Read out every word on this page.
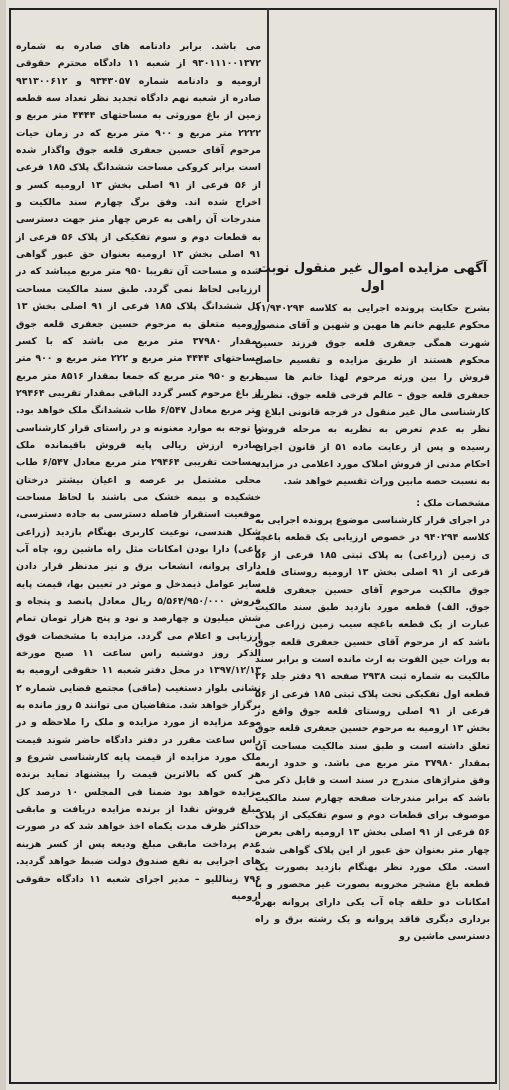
می باشد. برابر دادنامه های صادره به شماره ۹۳۰۱۱۱۰۰۱۳۷۲ از شعبه ۱۱ دادگاه محترم حقوقی ارومیه و دادنامه شماره ۹۳۴۳۰۵۷ و ۹۳۱۳۰۰۶۱۲ صادره از شعبه نهم دادگاه تجدید نظر تعداد سه قطعه زمین از باغ موروثی به مساحتهای ۴۴۴۴ متر مربع و ۲۲۲۲ متر مربع و ۹۰۰ متر مربع که در زمان حیات مرحوم آقای حسین جعفری قلعه جوق واگذار شده است برابر کروکی مساحت ششدانگ پلاک ۱۸۵ فرعی از ۵۶ فرعی از ۹۱ اصلی بخش ۱۳ ارومیه کسر و اخراج شده اند. وفق برگ چهارم سند مالکیت و مندرجات آن راهی به عرض چهار متر جهت دسترسی به قطعات دوم و سوم تفکیکی از پلاک ۵۶ فرعی از ۹۱ اصلی بخش ۱۳ ارومیه بعنوان حق عبور گواهی شده و مساحت آن تقریبا ۹۵۰ متر مربع میباشد که در ارزیابی لحاظ نمی گردد. طبق سند مالکیت مساحت کل ششدانگ پلاک ۱۸۵ فرعی از ۹۱ اصلی بخش ۱۳ ارومیه متعلق به مرحوم حسین جعفری قلعه جوق بمقدار ۳۷۹۸۰ متر مربع می باشد که با کسر مساحتهای ۴۴۴۴ متر مربع و ۲۲۲ متر مربع و ۹۰۰ متر مربع و ۹۵۰ متر مربع که جمعا بمقدار ۸۵۱۶ متر مربع از باغ مرحوم کسر گردد الباقی بمقدار تقریبی ۲۹۴۶۴ متر مربع معادل ۶/۵۴۷ طاب ششدانگ ملک خواهد بود. با توجه به موارد معنونه و در راستای قرار کارشناسی صادره ارزش ریالی پایه فروش باقیمانده ملک بمساحت تقریبی ۲۹۴۶۴ متر مربع معادل ۶/۵۴۷ طاب محلی مشتمل بر عرصه و اعیان بیشتر درختان خشکیده و بیمه خشک می باشند با لحاظ مساحت موقعیت استقرار فاصله دسترسی به جاده دسترسی، شکل هندسی، نوعیت کاربری بهنگام بازدید (زراعی باغی) دارا بودن امکانات مثل راه ماشین رو، چاه آب دارای پروانه، انشعاب برق و نیز مدنظر قرار دادن سایر عوامل ذیمدخل و موثر در تعیین بها، قیمت پایه فروش ۵/۵۶۴/۹۵۰/۰۰۰ ریال معادل پانصد و پنجاه و شش میلیون و چهارصد و نود و پنج هزار تومان تمام ارزیابی و اعلام می گردد. مزایده با مشخصات فوق الذکر روز دوشنبه راس ساعت ۱۱ صبح مورخه ۱۳۹۷/۱۲/۱۳ در محل دفتر شعبه ۱۱ حقوقی ارومیه به نشانی بلوار دستغیب (ماقی) مجتمع قضایی شماره ۲ برگزار خواهد شد. متقاضیان می توانند ۵ روز مانده به موعد مزایده از مورد مزایده و ملک را ملاحظه و در راس ساعت مقرر در دفتر دادگاه حاضر شوند قیمت ملک مورد مزایده از قیمت پایه کارشناسی شروع و هر کس که بالاترین قیمت را پیشنهاد نماید برنده مزایده خواهد بود ضمنا فی المجلس ۱۰ درصد کل مبلغ فروش نقدا از برنده مزایده دریافت و مابقی حداکثر ظرف مدت یکماه اخذ خواهد شد که در صورت عدم پرداخت مابقی مبلغ ودیعه پس از کسر هزینه های اجرایی به نفع صندوق دولت ضبط خواهد گردید. ۷۹۶ زیناللیو – مدیر اجرای شعبه ۱۱ دادگاه حقوقی ارومیه

آگهی مزایده اموال غیر منقول نوبت اول

بشرح حکایت پرونده اجرایی به کلاسه ۱۱/۹۴۰۲۹۴ محکوم علیهم خانم ها مهین و شهین و آقای منصور شهرت همگی جعفری قلعه جوق فرزند حسین محکوم هستند از طریق مزایده و تقسیم حاصل فروش را بین ورثه مرحوم لهذا خانم ها سیما جعفری قلعه جوق – عالم فرخی قلعه جوق. نظریه کارشناسی مال غیر منقول در فرجه قانونی ابلاغ و نظر به عدم تعرض به نظریه به مرحله فروش رسیده و پس از رعایت ماده ۵۱ از قانون اجرای احکام مدنی از فروش املاک مورد اعلامی در مزایده به نسبت حصه مابین وراث تقسیم خواهد شد.

مشخصات ملک :

در اجرای قرار کارشناسی موضوع پرونده اجرایی به کلاسه ۹۴۰۲۹۴ در خصوص ارزیابی یک قطعه باغچه ی زمین (زراعی) به پلاک ثبتی ۱۸۵ فرعی از ۵۶ فرعی از ۹۱ اصلی بخش ۱۳ ارومیه روستای قلعه جوق مالکیت مرحوم آقای حسین جعفری قلعه جوق. الف) قطعه مورد بازدید طبق سند مالکیت عبارت از یک قطعه باغچه سیب زمین زراعی می باشد که از مرحوم آقای حسین جعفری قلعه جوق به وراث حین الفوت به ارث مانده است و برابر سند مالکیت به شماره ثبت ۲۹۳۸ صفحه ۹۱ دفتر جلد ۳۶ قطعه اول تفکیکی تحت پلاک ثبتی ۱۸۵ فرعی از ۵۶ فرعی از ۹۱ اصلی روستای قلعه جوق واقع در بخش ۱۳ ارومیه به مرحوم حسین جعفری قلعه جوق تعلق داشته است و طبق سند مالکیت مساحت آن بمقدار ۳۷۹۸۰ متر مربع می باشد. و حدود اربعه وفق متراژهای مندرج در سند است و قابل ذکر می باشد که برابر مندرجات صفحه چهارم سند مالکیت موصوف برای قطعات دوم و سوم تفکیکی از پلاک ۵۶ فرعی از ۹۱ اصلی بخش ۱۳ ارومیه راهی بعرض چهار متر بعنوان حق عبور از این پلاک گواهی شده است. ملک مورد نظر بهنگام بازدید بصورت یک قطعه باغ مشجر مخروبه بصورت غیر محصور و با امکانات دو حلقه چاه آب یکی دارای پروانه بهره برداری دیگری فاقد پروانه و یک رشته برق و راه دسترسی ماشین رو
